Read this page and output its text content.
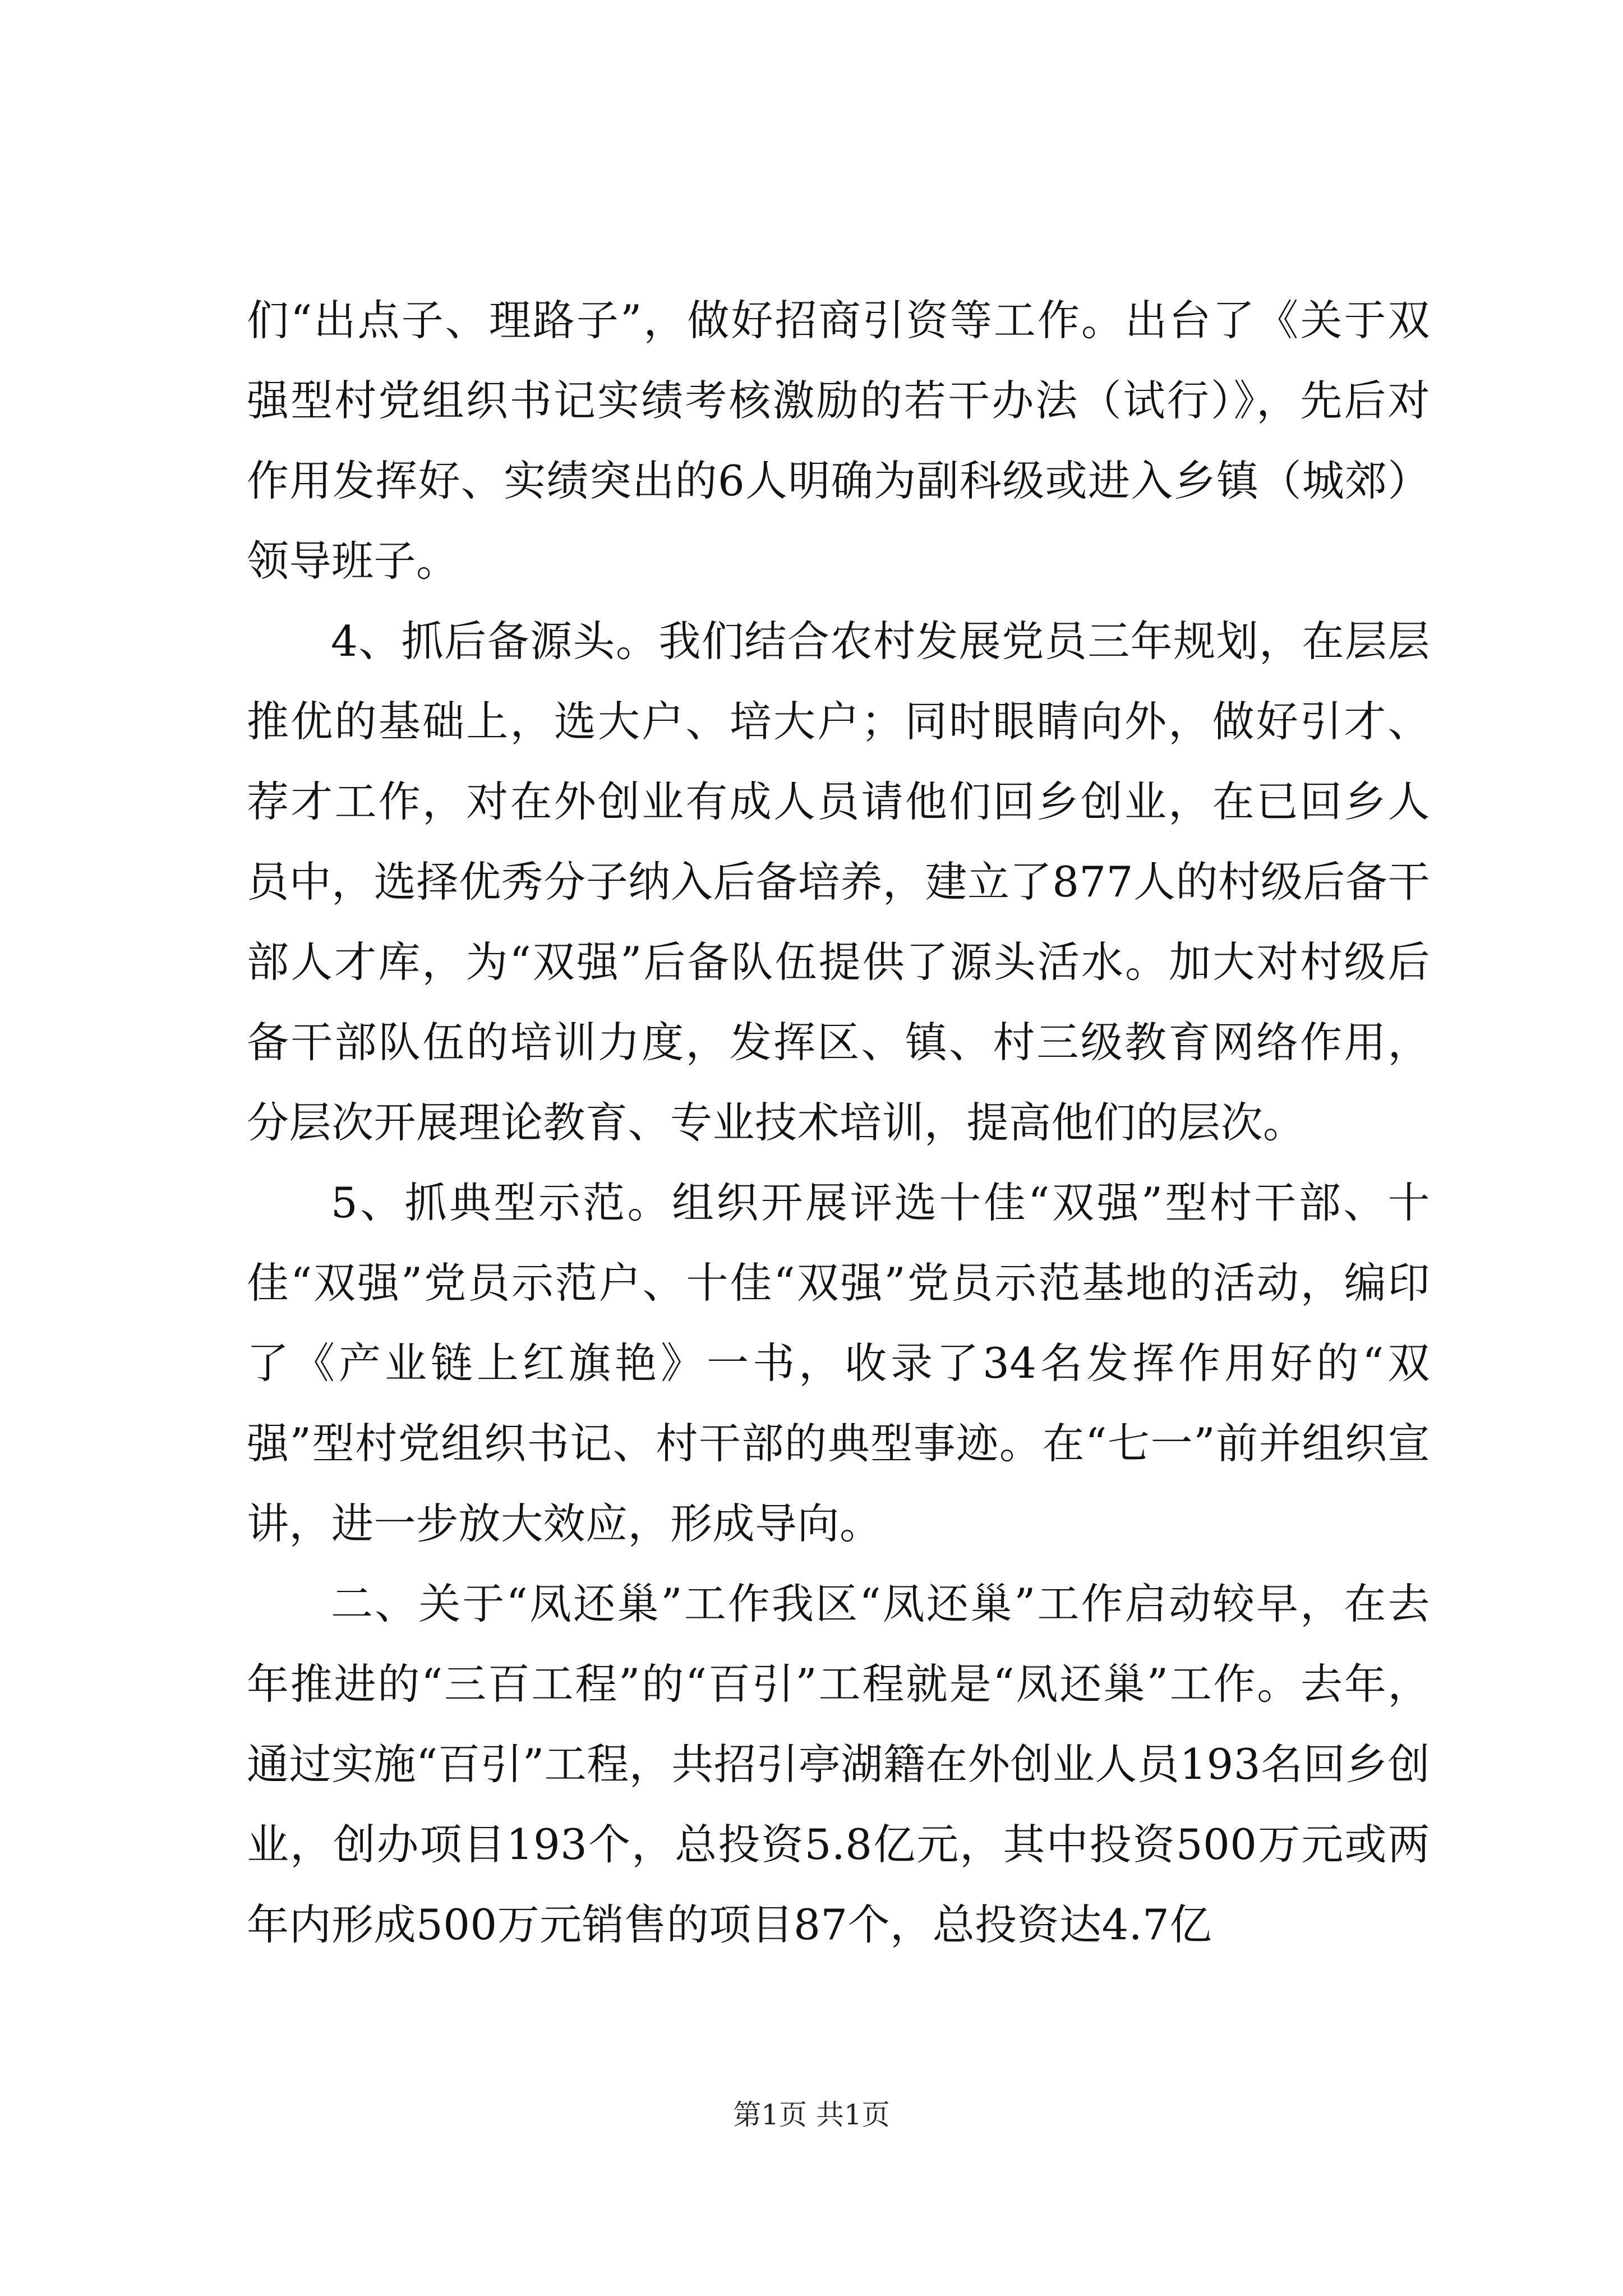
们“出点子、理路子”，做好招商引资等工作。出台了《关于双强型村党组织书记实绩考核激励的若干办法（试行）》，先后对作用发挥好、实绩突出的6人明确为副科级或进入乡镇（城郊）领导班子。

4、抓后备源头。我们结合农村发展党员三年规划，在层层推优的基础上，选大户、培大户；同时眼睛向外，做好引才、荐才工作，对在外创业有成人员请他们回乡创业，在已回乡人员中，选择优秀分子纳入后备培养，建立了877人的村级后备干部人才库，为“双强”后备队伍提供了源头活水。加大对村级后备干部队伍的培训力度，发挥区、镇、村三级教育网络作用，分层次开展理论教育、专业技术培训，提高他们的层次。

5、抓典型示范。组织开展评选十佳“双强”型村干部、十佳“双强”党员示范户、十佳“双强”党员示范基地的活动，编印了《产业链上红旗艳》一书，收录了34名发挥作用好的“双强”型村党组织书记、村干部的典型事迹。在“七一”前并组织宣讲，进一步放大效应，形成导向。

二、关于“凤还巢”工作我区“凤还巢”工作启动较早，在去年推进的“三百工程”的“百引”工程就是“凤还巢”工作。去年，通过实施“百引”工程，共招引亭湖籍在外创业人员193名回乡创业，创办项目193个，总投资5.8亿元，其中投资500万元或两年内形成500万元销售的项目87个，总投资达4.7亿

第1页 共1页
